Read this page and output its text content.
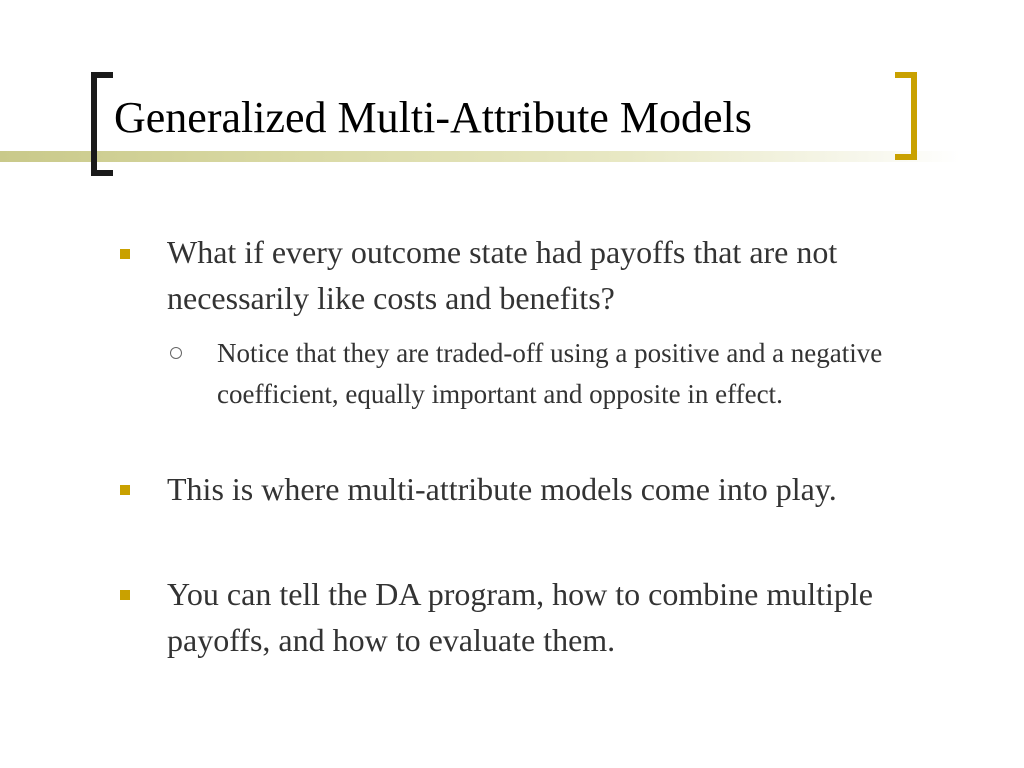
Generalized Multi-Attribute Models
What if every outcome state had payoffs that are not necessarily like costs and benefits?
Notice that they are traded-off using a positive and a negative coefficient, equally important and opposite in effect.
This is where multi-attribute models come into play.
You can tell the DA program, how to combine multiple payoffs, and how to evaluate them.
